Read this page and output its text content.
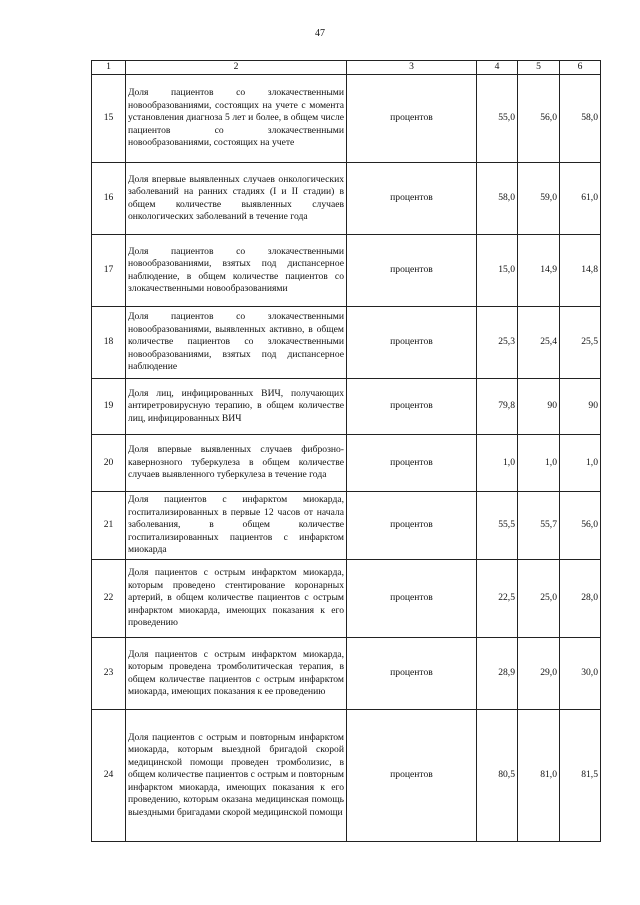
47
1	2	3	4	5	6
15	Доля пациентов со злокачественными новообразованиями, состоящих на учете с момента установления диагноза 5 лет и более, в общем числе пациентов со злокачественными новообразованиями, состоящих на учете	процентов	55,0	56,0	58,0
16	Доля впервые выявленных случаев онкологических заболеваний на ранних стадиях (I и II стадии) в общем количестве выявленных случаев онкологических заболеваний в течение года	процентов	58,0	59,0	61,0
17	Доля пациентов со злокачественными новообразованиями, взятых под диспансерное наблюдение, в общем количестве пациентов со злокачественными новообразованиями	процентов	15,0	14,9	14,8
18	Доля пациентов со злокачественными новообразованиями, выявленных активно, в общем количестве пациентов со злокачественными новообразованиями, взятых под диспансерное наблюдение	процентов	25,3	25,4	25,5
19	Доля лиц, инфицированных ВИЧ, получающих антиретровирусную терапию, в общем количестве лиц, инфицированных ВИЧ	процентов	79,8	90	90
20	Доля впервые выявленных случаев фиброзно-кавернозного туберкулеза в общем количестве случаев выявленного туберкулеза в течение года	процентов	1,0	1,0	1,0
21	Доля пациентов с инфарктом миокарда, госпитализированных в первые 12 часов от начала заболевания, в общем количестве госпитализированных пациентов с инфарктом миокарда	процентов	55,5	55,7	56,0
22	Доля пациентов с острым инфарктом миокарда, которым проведено стентирование коронарных артерий, в общем количестве пациентов с острым инфарктом миокарда, имеющих показания к его проведению	процентов	22,5	25,0	28,0
23	Доля пациентов с острым инфарктом миокарда, которым проведена тромболитическая терапия, в общем количестве пациентов с острым инфарктом миокарда, имеющих показания к ее проведению	процентов	28,9	29,0	30,0
24	Доля пациентов с острым и повторным инфарктом миокарда, которым выездной бригадой скорой медицинской помощи проведен тромболизис, в общем количестве пациентов с острым и повторным инфарктом миокарда, имеющих показания к его проведению, которым оказана медицинская помощь выездными бригадами скорой медицинской помощи	процентов	80,5	81,0	81,5
